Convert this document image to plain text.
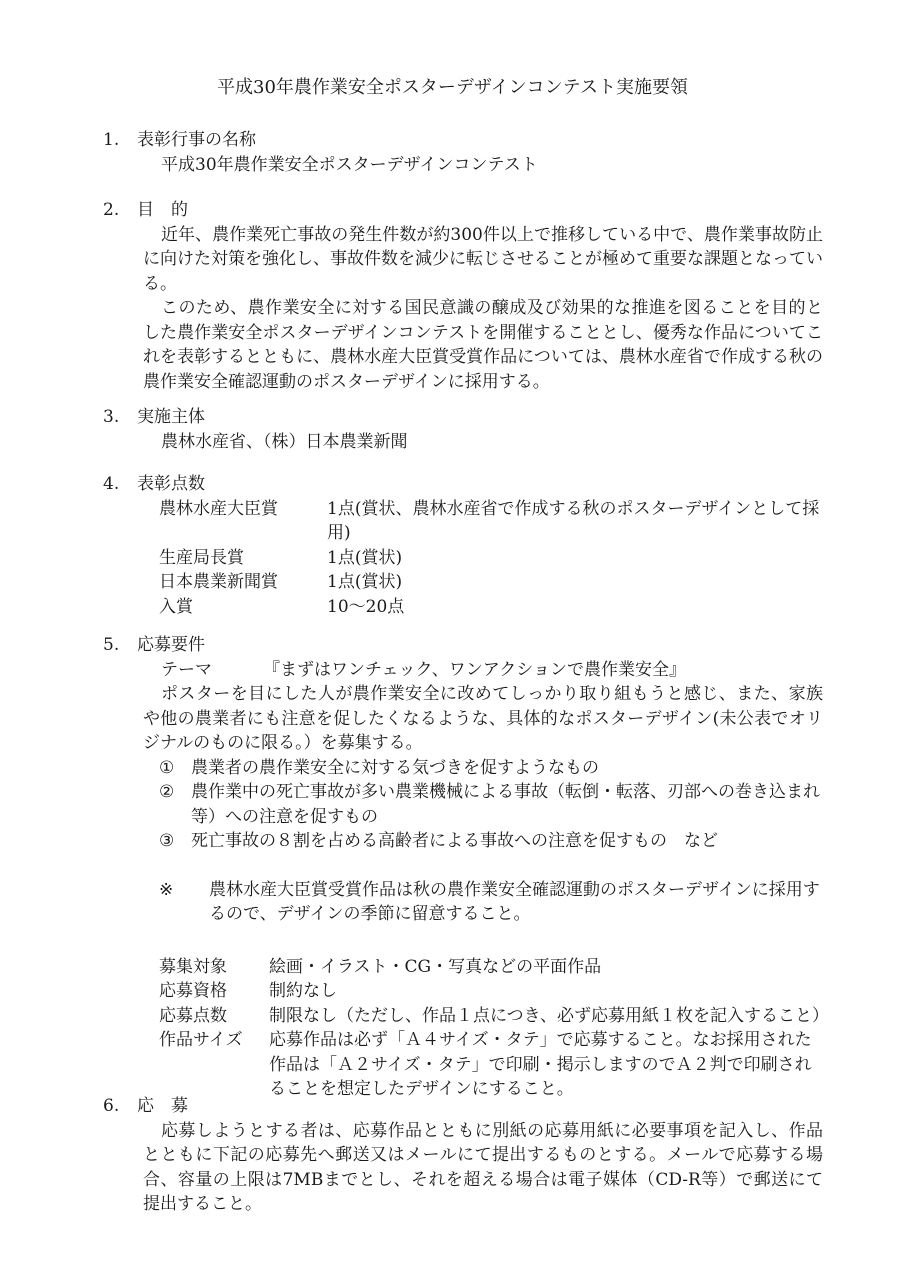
平成30年農作業安全ポスターデザインコンテスト実施要領
1.	表彰行事の名称
平成30年農作業安全ポスターデザインコンテスト
2.	目　的
近年、農作業死亡事故の発生件数が約300件以上で推移している中で、農作業事故防止に向けた対策を強化し、事故件数を減少に転じさせることが極めて重要な課題となっている。
このため、農作業安全に対する国民意識の醸成及び効果的な推進を図ることを目的とした農作業安全ポスターデザインコンテストを開催することとし、優秀な作品についてこれを表彰するとともに、農林水産大臣賞受賞作品については、農林水産省で作成する秋の農作業安全確認運動のポスターデザインに採用する。
3.	実施主体
農林水産省、（株）日本農業新聞
4.	表彰点数
農林水産大臣賞	1点(賞状、農林水産省で作成する秋のポスターデザインとして採用)
生産局長賞	1点(賞状)
日本農業新聞賞	1点(賞状)
入賞	10〜20点
5.	応募要件
テーマ	『まずはワンチェック、ワンアクションで農作業安全』
ポスターを目にした人が農作業安全に改めてしっかり取り組もうと感じ、また、家族や他の農業者にも注意を促したくなるような、具体的なポスターデザイン(未公表でオリジナルのものに限る。）を募集する。
① 農業者の農作業安全に対する気づきを促すようなもの
② 農作業中の死亡事故が多い農業機械による事故（転倒・転落、刃部への巻き込まれ等）への注意を促すもの
③ 死亡事故の８割を占める高齢者による事故への注意を促すもの　など
※	農林水産大臣賞受賞作品は秋の農作業安全確認運動のポスターデザインに採用するので、デザインの季節に留意すること。
募集対象	絵画・イラスト・CG・写真などの平面作品
応募資格	制約なし
応募点数	制限なし（ただし、作品１点につき、必ず応募用紙１枚を記入すること）
作品サイズ	応募作品は必ず「Ａ４サイズ・タテ」で応募すること。なお採用された作品は「Ａ２サイズ・タテ」で印刷・掲示しますのでＡ２判で印刷されることを想定したデザインにすること。
6.	応　募
応募しようとする者は、応募作品とともに別紙の応募用紙に必要事項を記入し、作品とともに下記の応募先へ郵送又はメールにて提出するものとする。メールで応募する場合、容量の上限は7MBまでとし、それを超える場合は電子媒体（CD-R等）で郵送にて提出すること。
